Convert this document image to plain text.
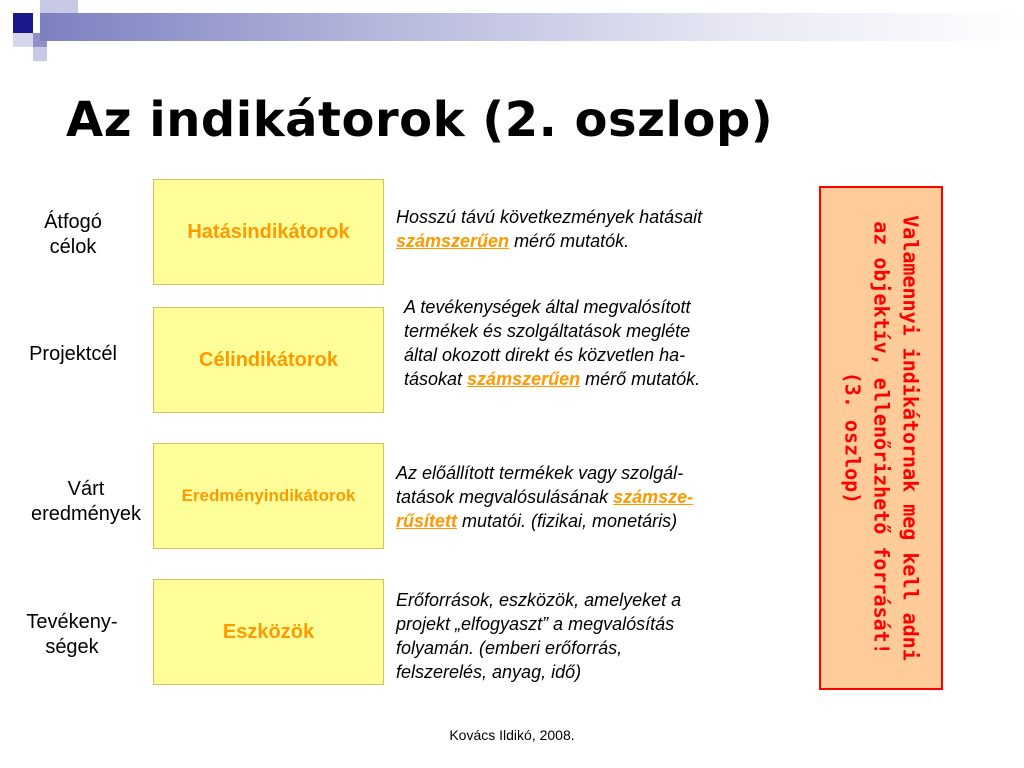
Az indikátorok (2. oszlop)
Átfogó
célok
Hatásindikátorok
Hosszú távú következmények hatásait
számszerűen mérő mutatók.
Projektcél	Célindikátorok
A tevékenységek által megvalósított
termékek és szolgáltatások megléte
által okozott direkt és közvetlen ha-
tásokat számszerűen mérő mutatók.
Várt
eredmények
Eredményindikátorok
Az előállított termékek vagy szolgál-
tatások megvalósulásának számsze-
rűsített mutatói. (fizikai, monetáris)
Tevékeny-
ségek
Eszközök
Erőforrások, eszközök, amelyeket a
projekt „elfogyaszt” a megvalósítás
folyamán. (emberi erőforrás,
felszerelés, anyag, idő)
Valamennyi indikátornak meg kell adni
az objektív, ellenőrizhető forrását!
(3. oszlop)
Kovács Ildikó, 2008.
